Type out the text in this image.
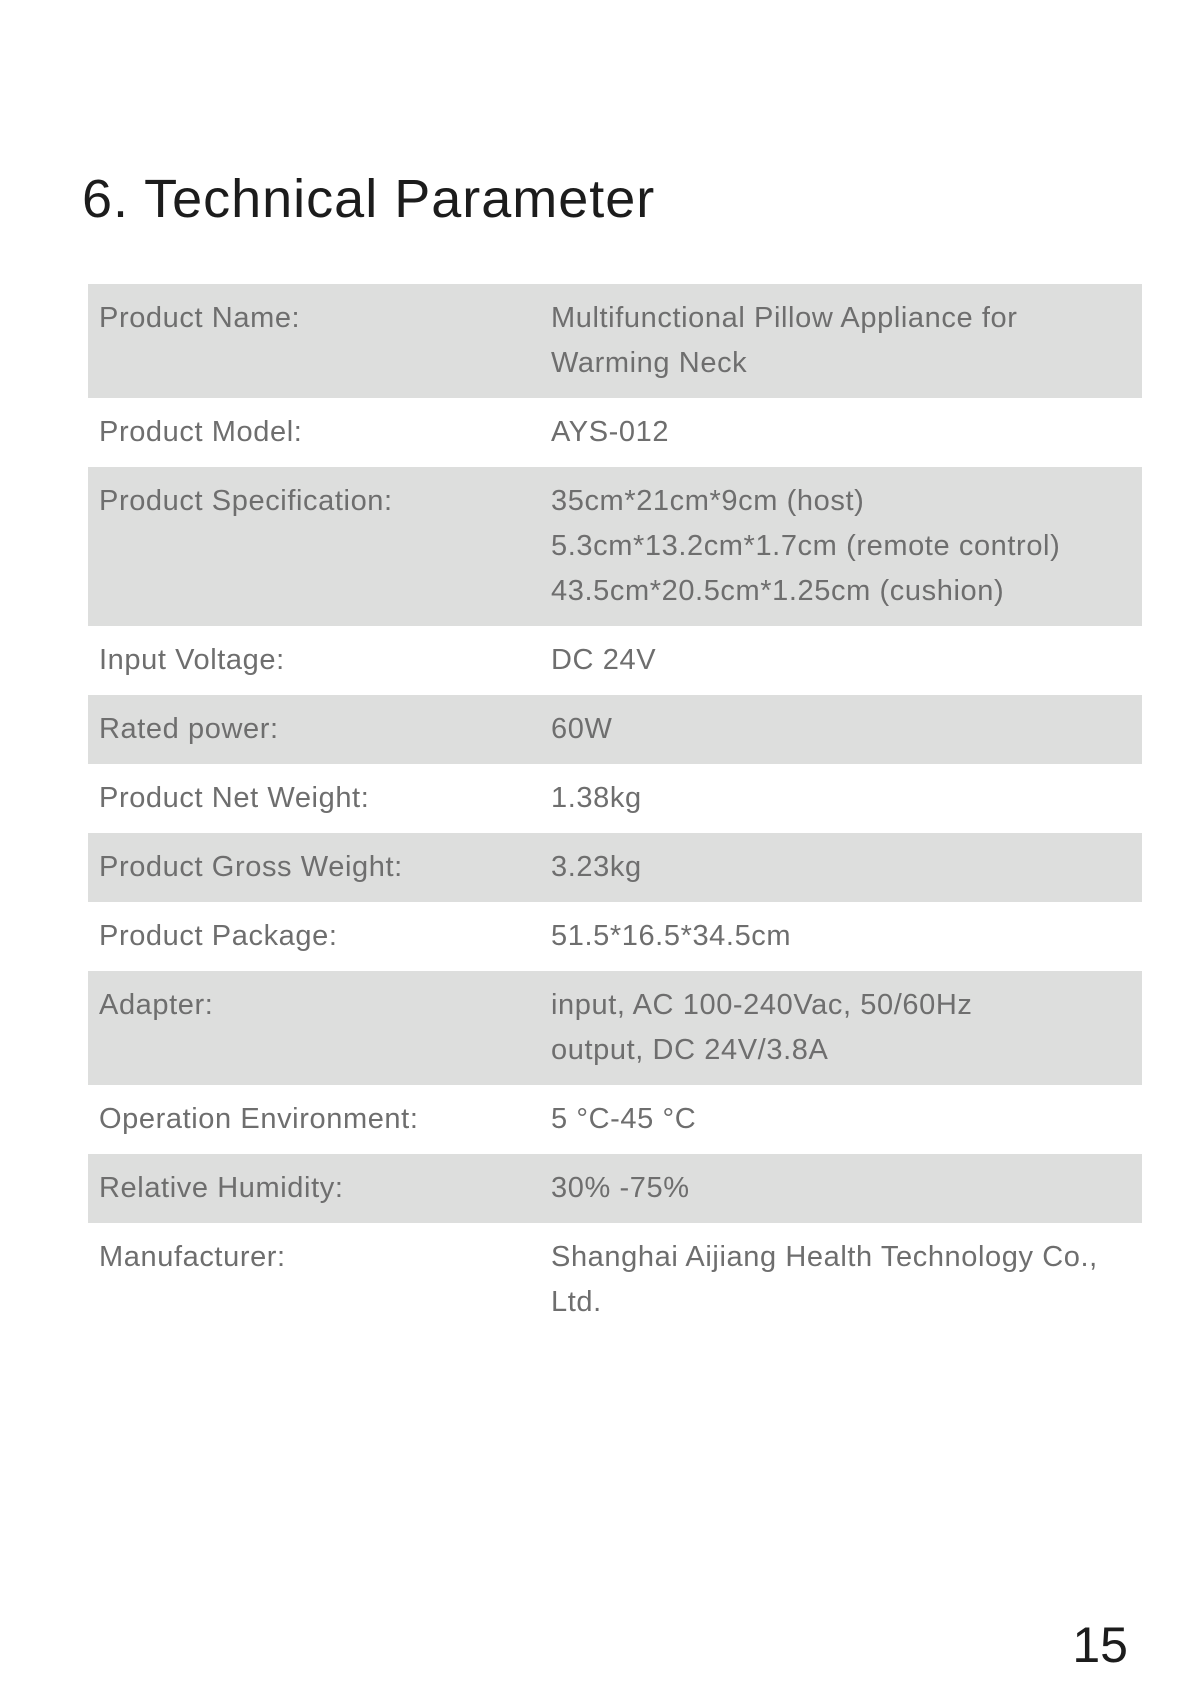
6. Technical Parameter
Product Name:	Multifunctional Pillow Appliance for
Warming Neck
Product Model:	AYS-012
Product Specification:	35cm*21cm*9cm (host)
5.3cm*13.2cm*1.7cm (remote control)
43.5cm*20.5cm*1.25cm (cushion)
Input Voltage:	DC 24V
Rated power:	60W
Product Net Weight:	1.38kg
Product Gross Weight:	3.23kg
Product Package:	51.5*16.5*34.5cm
Adapter:	input, AC 100-240Vac, 50/60Hz
output, DC 24V/3.8A
Operation Environment:	5 °C-45 °C
Relative Humidity:	30% -75%
Manufacturer:	Shanghai Aijiang Health Technology Co.,
Ltd.
15
